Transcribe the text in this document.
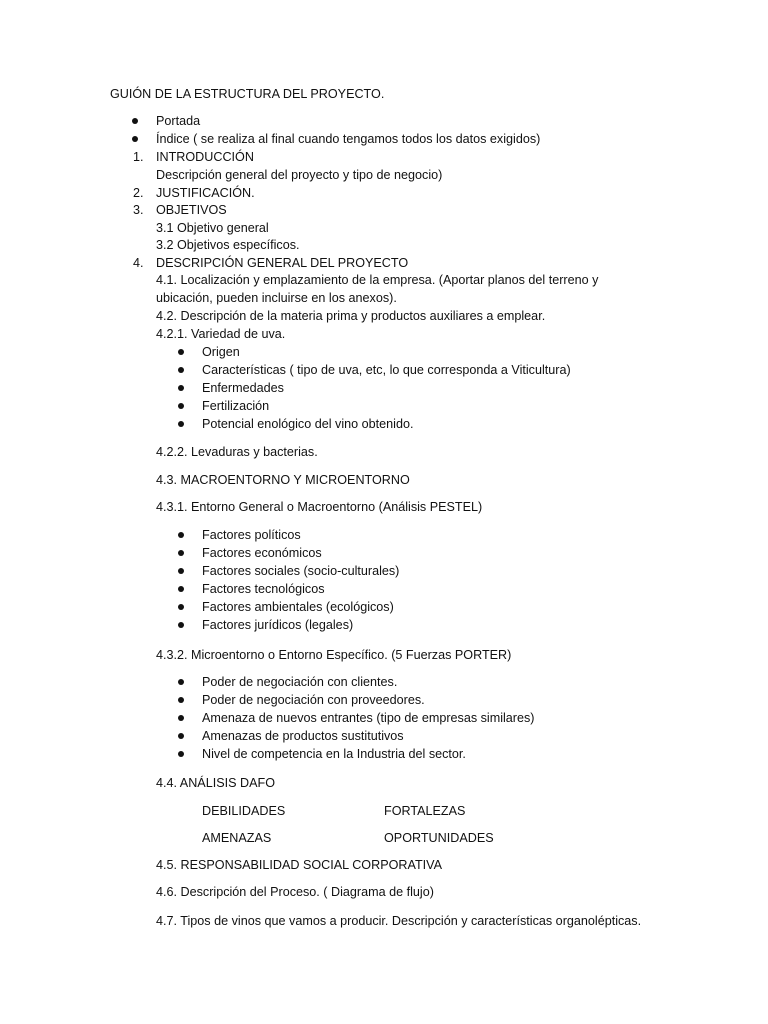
GUIÓN DE LA ESTRUCTURA DEL PROYECTO.
Portada
Índice ( se realiza al final cuando tengamos todos los datos exigidos)
1. INTRODUCCIÓN
Descripción general del proyecto y tipo de negocio)
2. JUSTIFICACIÓN.
3. OBJETIVOS
3.1 Objetivo general
3.2 Objetivos específicos.
4. DESCRIPCIÓN GENERAL DEL PROYECTO
4.1. Localización y emplazamiento de la empresa. (Aportar planos del terreno y
ubicación, pueden incluirse en los anexos).
4.2. Descripción de la materia prima y productos auxiliares a emplear.
4.2.1. Variedad de uva.
Origen
Características ( tipo de uva, etc, lo que corresponda a Viticultura)
Enfermedades
Fertilización
Potencial enológico del vino obtenido.
4.2.2. Levaduras y bacterias.
4.3. MACROENTORNO Y MICROENTORNO
4.3.1. Entorno General o Macroentorno (Análisis PESTEL)
Factores políticos
Factores económicos
Factores sociales (socio-culturales)
Factores tecnológicos
Factores ambientales (ecológicos)
Factores jurídicos (legales)
4.3.2. Microentorno o Entorno Específico. (5 Fuerzas PORTER)
Poder de negociación con clientes.
Poder de negociación con proveedores.
Amenaza de nuevos entrantes (tipo de empresas similares)
Amenazas de productos sustitutivos
Nivel de competencia en la Industria del sector.
4.4. ANÁLISIS DAFO
DEBILIDADES	FORTALEZAS
AMENAZAS	OPORTUNIDADES
4.5. RESPONSABILIDAD SOCIAL CORPORATIVA
4.6. Descripción del Proceso. ( Diagrama de flujo)
4.7. Tipos de vinos que vamos a producir. Descripción y características organolépticas.
